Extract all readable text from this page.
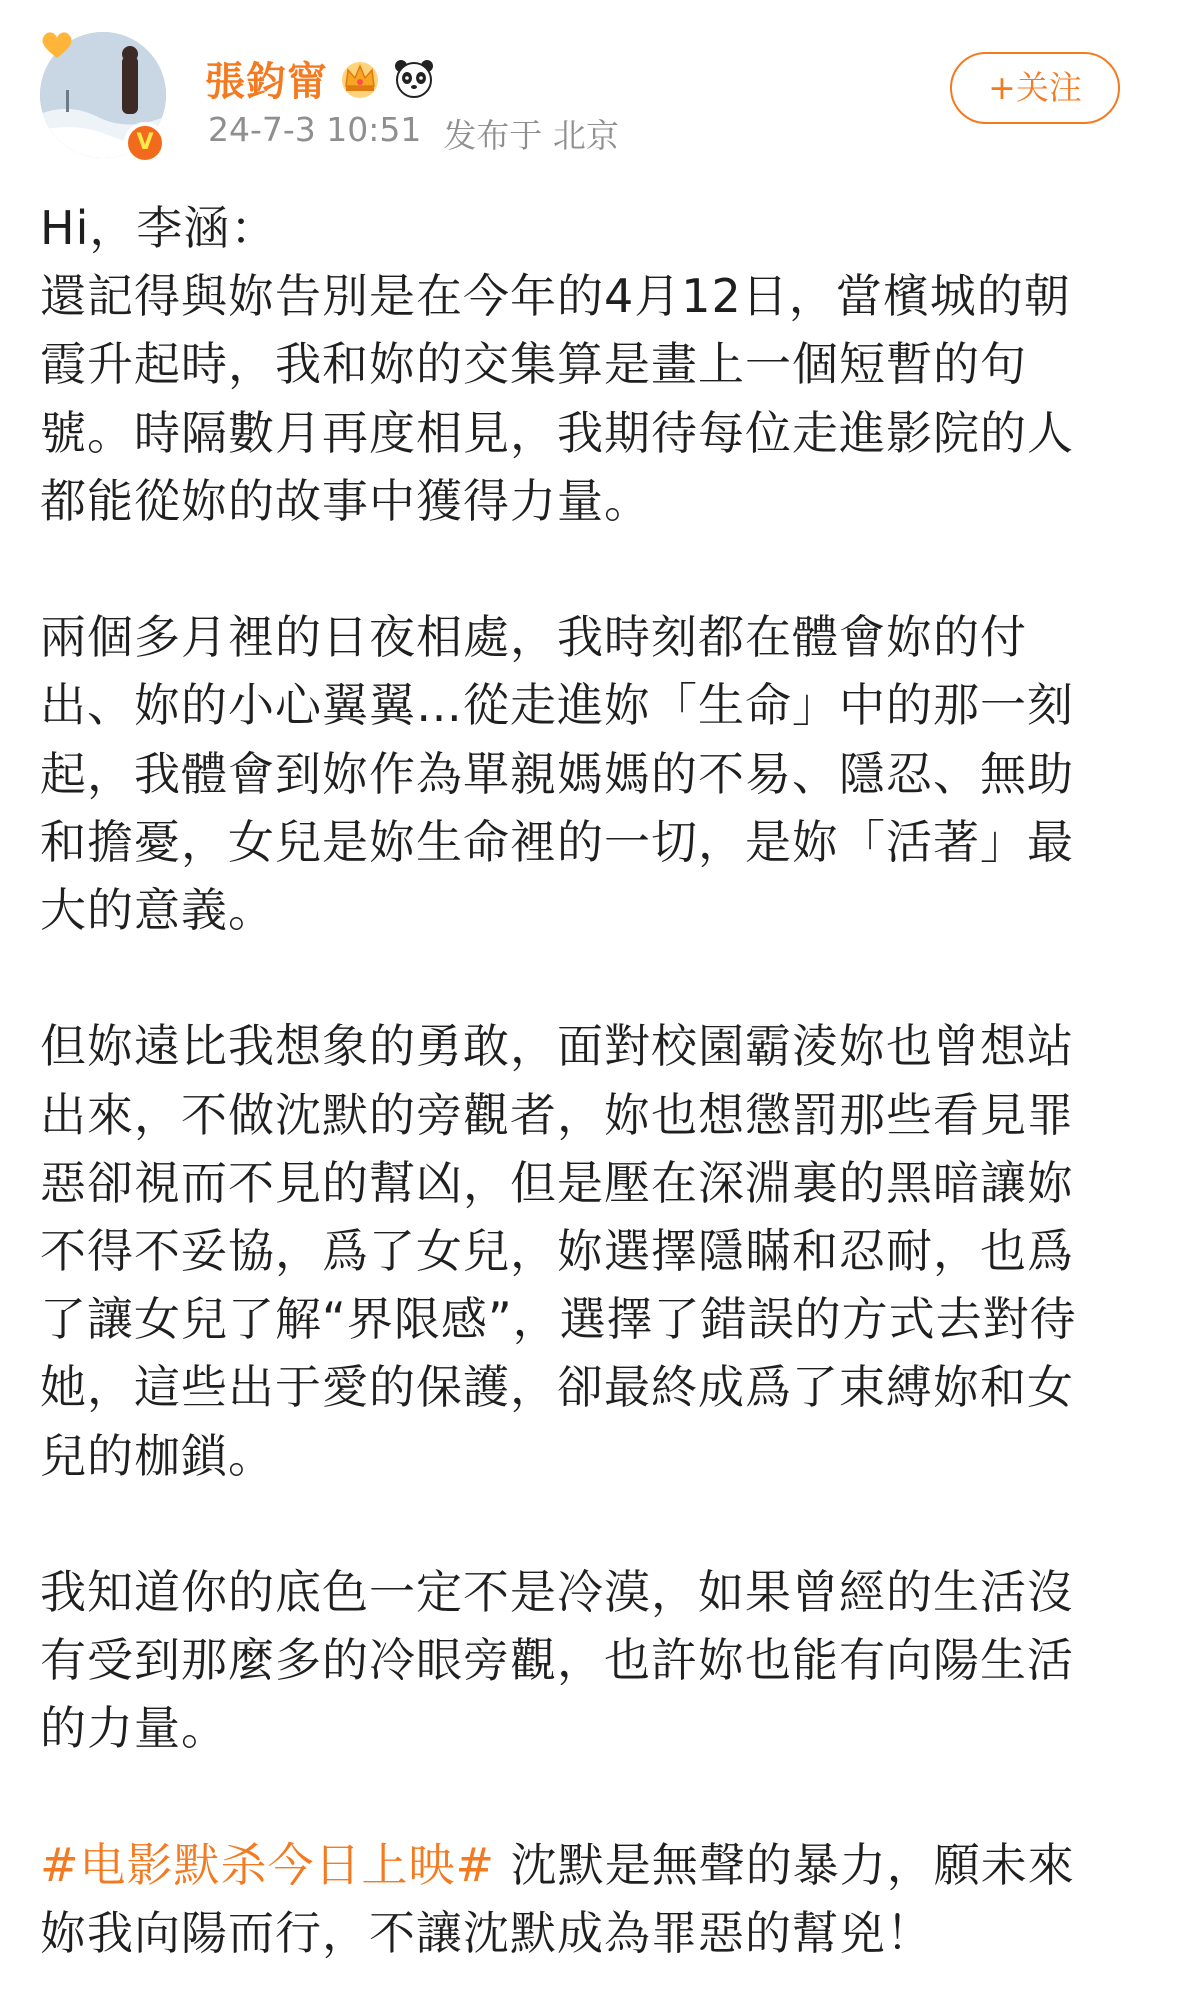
V
張鈞甯
24-7-3 10:51 发布于 北京
+关注

Hi，李涵：

還記得與妳告別是在今年的4月12日，當檳城的朝
霞升起時，我和妳的交集算是畫上一個短暫的句
號。時隔數月再度相見，我期待每位走進影院的人
都能從妳的故事中獲得力量。

兩個多月裡的日夜相處，我時刻都在體會妳的付
出、妳的小心翼翼…從走進妳「生命」中的那一刻
起，我體會到妳作為單親媽媽的不易、隱忍、無助
和擔憂，女兒是妳生命裡的一切，是妳「活著」最
大的意義。

但妳遠比我想象的勇敢，面對校園霸淩妳也曾想站
出來，不做沈默的旁觀者，妳也想懲罰那些看見罪
惡卻視而不見的幫凶，但是壓在深淵裏的黑暗讓妳
不得不妥協，爲了女兒，妳選擇隱瞞和忍耐，也爲
了讓女兒了解“界限感”，選擇了錯誤的方式去對待
她，這些出于愛的保護，卻最終成爲了束縛妳和女
兒的枷鎖。

我知道你的底色一定不是冷漠，如果曾經的生活沒
有受到那麼多的冷眼旁觀，也許妳也能有向陽生活
的力量。

#电影默杀今日上映# 沈默是無聲的暴力，願未來
妳我向陽而行，不讓沈默成為罪惡的幫兇！
